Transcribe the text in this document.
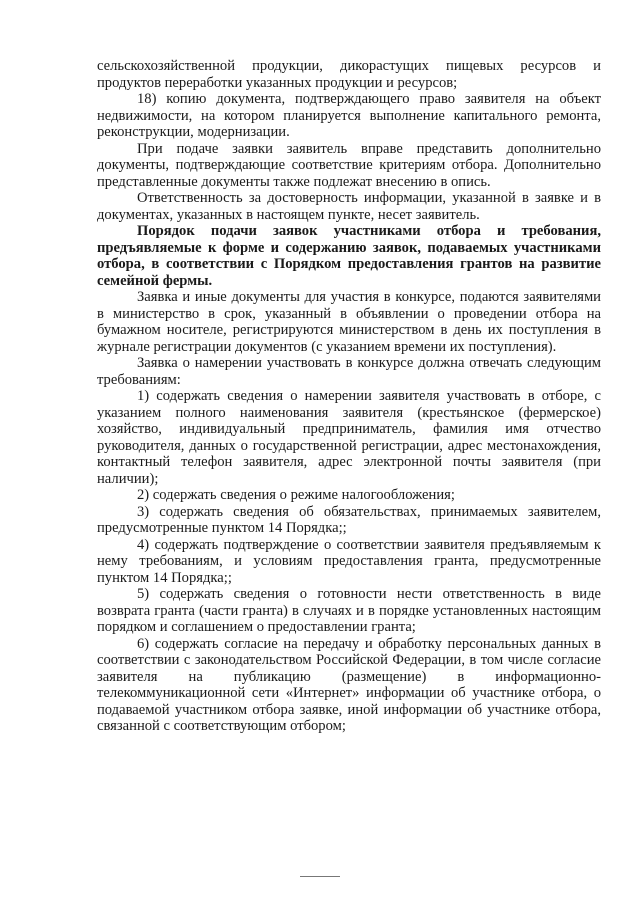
сельскохозяйственной продукции, дикорастущих пищевых ресурсов и продуктов переработки указанных продукции и ресурсов;

18) копию документа, подтверждающего право заявителя на объект недвижимости, на котором планируется выполнение капитального ремонта, реконструкции, модернизации.

При подаче заявки заявитель вправе представить дополнительно документы, подтверждающие соответствие критериям отбора. Дополнительно представленные документы также подлежат внесению в опись.

Ответственность за достоверность информации, указанной в заявке и в документах, указанных в настоящем пункте, несет заявитель.

Порядок подачи заявок участниками отбора и требования, предъявляемые к форме и содержанию заявок, подаваемых участниками отбора, в соответствии с Порядком предоставления грантов на развитие семейной фермы.

Заявка и иные документы для участия в конкурсе, подаются заявителями в министерство в срок, указанный в объявлении о проведении отбора на бумажном носителе, регистрируются министерством в день их поступления в журнале регистрации документов (с указанием времени их поступления).

Заявка о намерении участвовать в конкурсе должна отвечать следующим требованиям:

1) содержать сведения о намерении заявителя участвовать в отборе, с указанием полного наименования заявителя (крестьянское (фермерское) хозяйство, индивидуальный предприниматель, фамилия имя отчество руководителя, данных о государственной регистрации, адрес местонахождения, контактный телефон заявителя, адрес электронной почты заявителя (при наличии);

2) содержать сведения о режиме налогообложения;

3) содержать сведения об обязательствах, принимаемых заявителем, предусмотренные пунктом 14 Порядка;;

4) содержать подтверждение о соответствии заявителя предъявляемым к нему требованиям, и условиям предоставления гранта, предусмотренные пунктом 14 Порядка;;

5) содержать сведения о готовности нести ответственность в виде возврата гранта (части гранта) в случаях и в порядке установленных настоящим порядком и соглашением о предоставлении гранта;

6) содержать согласие на передачу и обработку персональных данных в соответствии с законодательством Российской Федерации, в том числе согласие заявителя на публикацию (размещение) в информационно-телекоммуникационной сети «Интернет» информации об участнике отбора, о подаваемой участником отбора заявке, иной информации об участнике отбора, связанной с соответствующим отбором;
